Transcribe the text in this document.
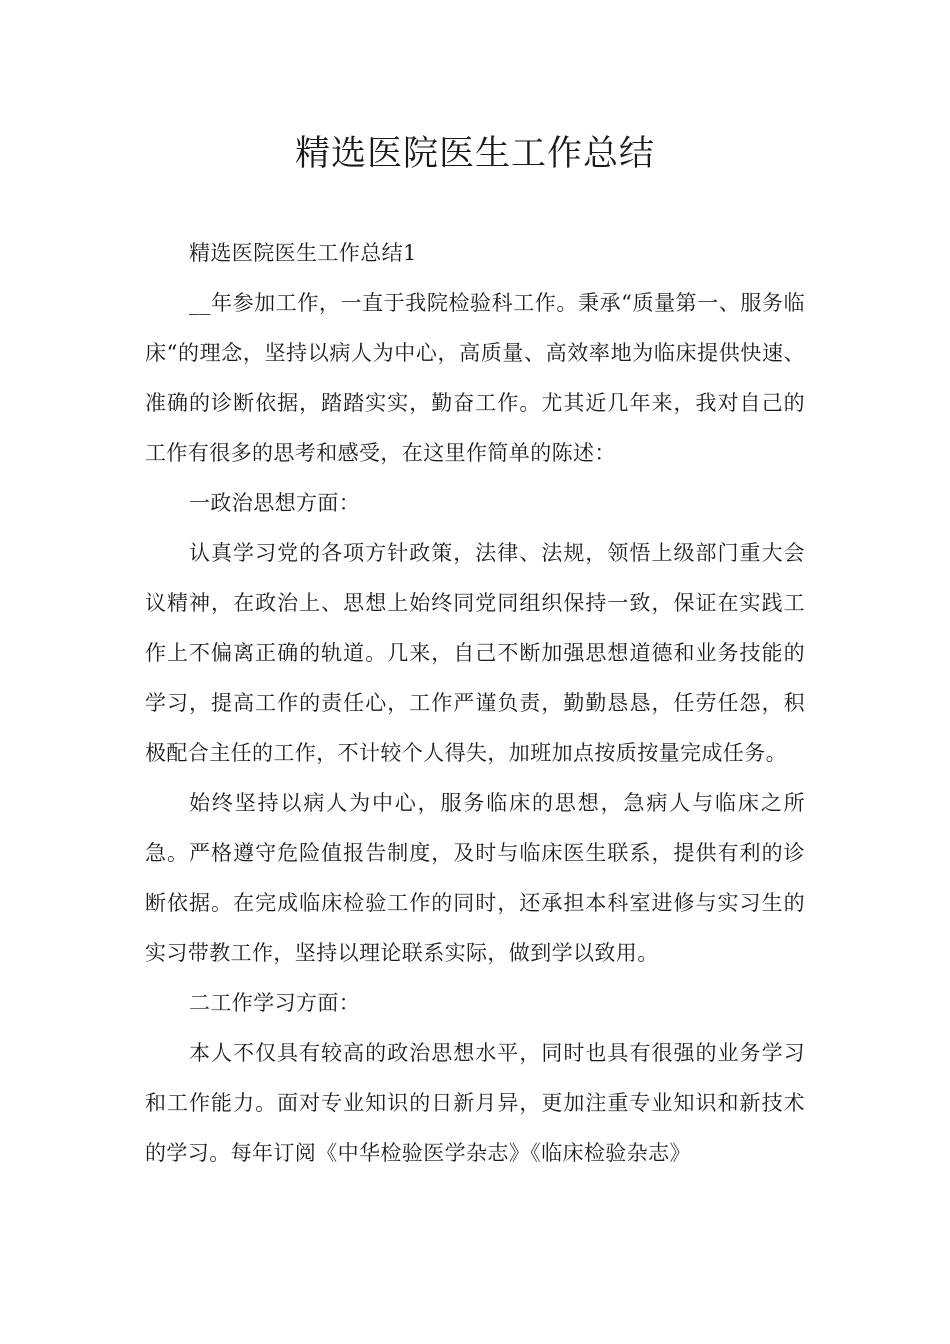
精选医院医生工作总结

精选医院医生工作总结1

__年参加工作，一直于我院检验科工作。秉承“质量第一、服务临床“的理念，坚持以病人为中心，高质量、高效率地为临床提供快速、准确的诊断依据，踏踏实实，勤奋工作。尤其近几年来，我对自己的工作有很多的思考和感受，在这里作简单的陈述：

一政治思想方面：

认真学习党的各项方针政策，法律、法规，领悟上级部门重大会议精神，在政治上、思想上始终同党同组织保持一致，保证在实践工作上不偏离正确的轨道。几来，自己不断加强思想道德和业务技能的学习，提高工作的责任心，工作严谨负责，勤勤恳恳，任劳任怨，积极配合主任的工作，不计较个人得失，加班加点按质按量完成任务。

始终坚持以病人为中心，服务临床的思想，急病人与临床之所急。严格遵守危险值报告制度，及时与临床医生联系，提供有利的诊断依据。在完成临床检验工作的同时，还承担本科室进修与实习生的实习带教工作，坚持以理论联系实际，做到学以致用。

二工作学习方面：

本人不仅具有较高的政治思想水平，同时也具有很强的业务学习和工作能力。面对专业知识的日新月异，更加注重专业知识和新技术的学习。每年订阅《中华检验医学杂志》《临床检验杂志》
